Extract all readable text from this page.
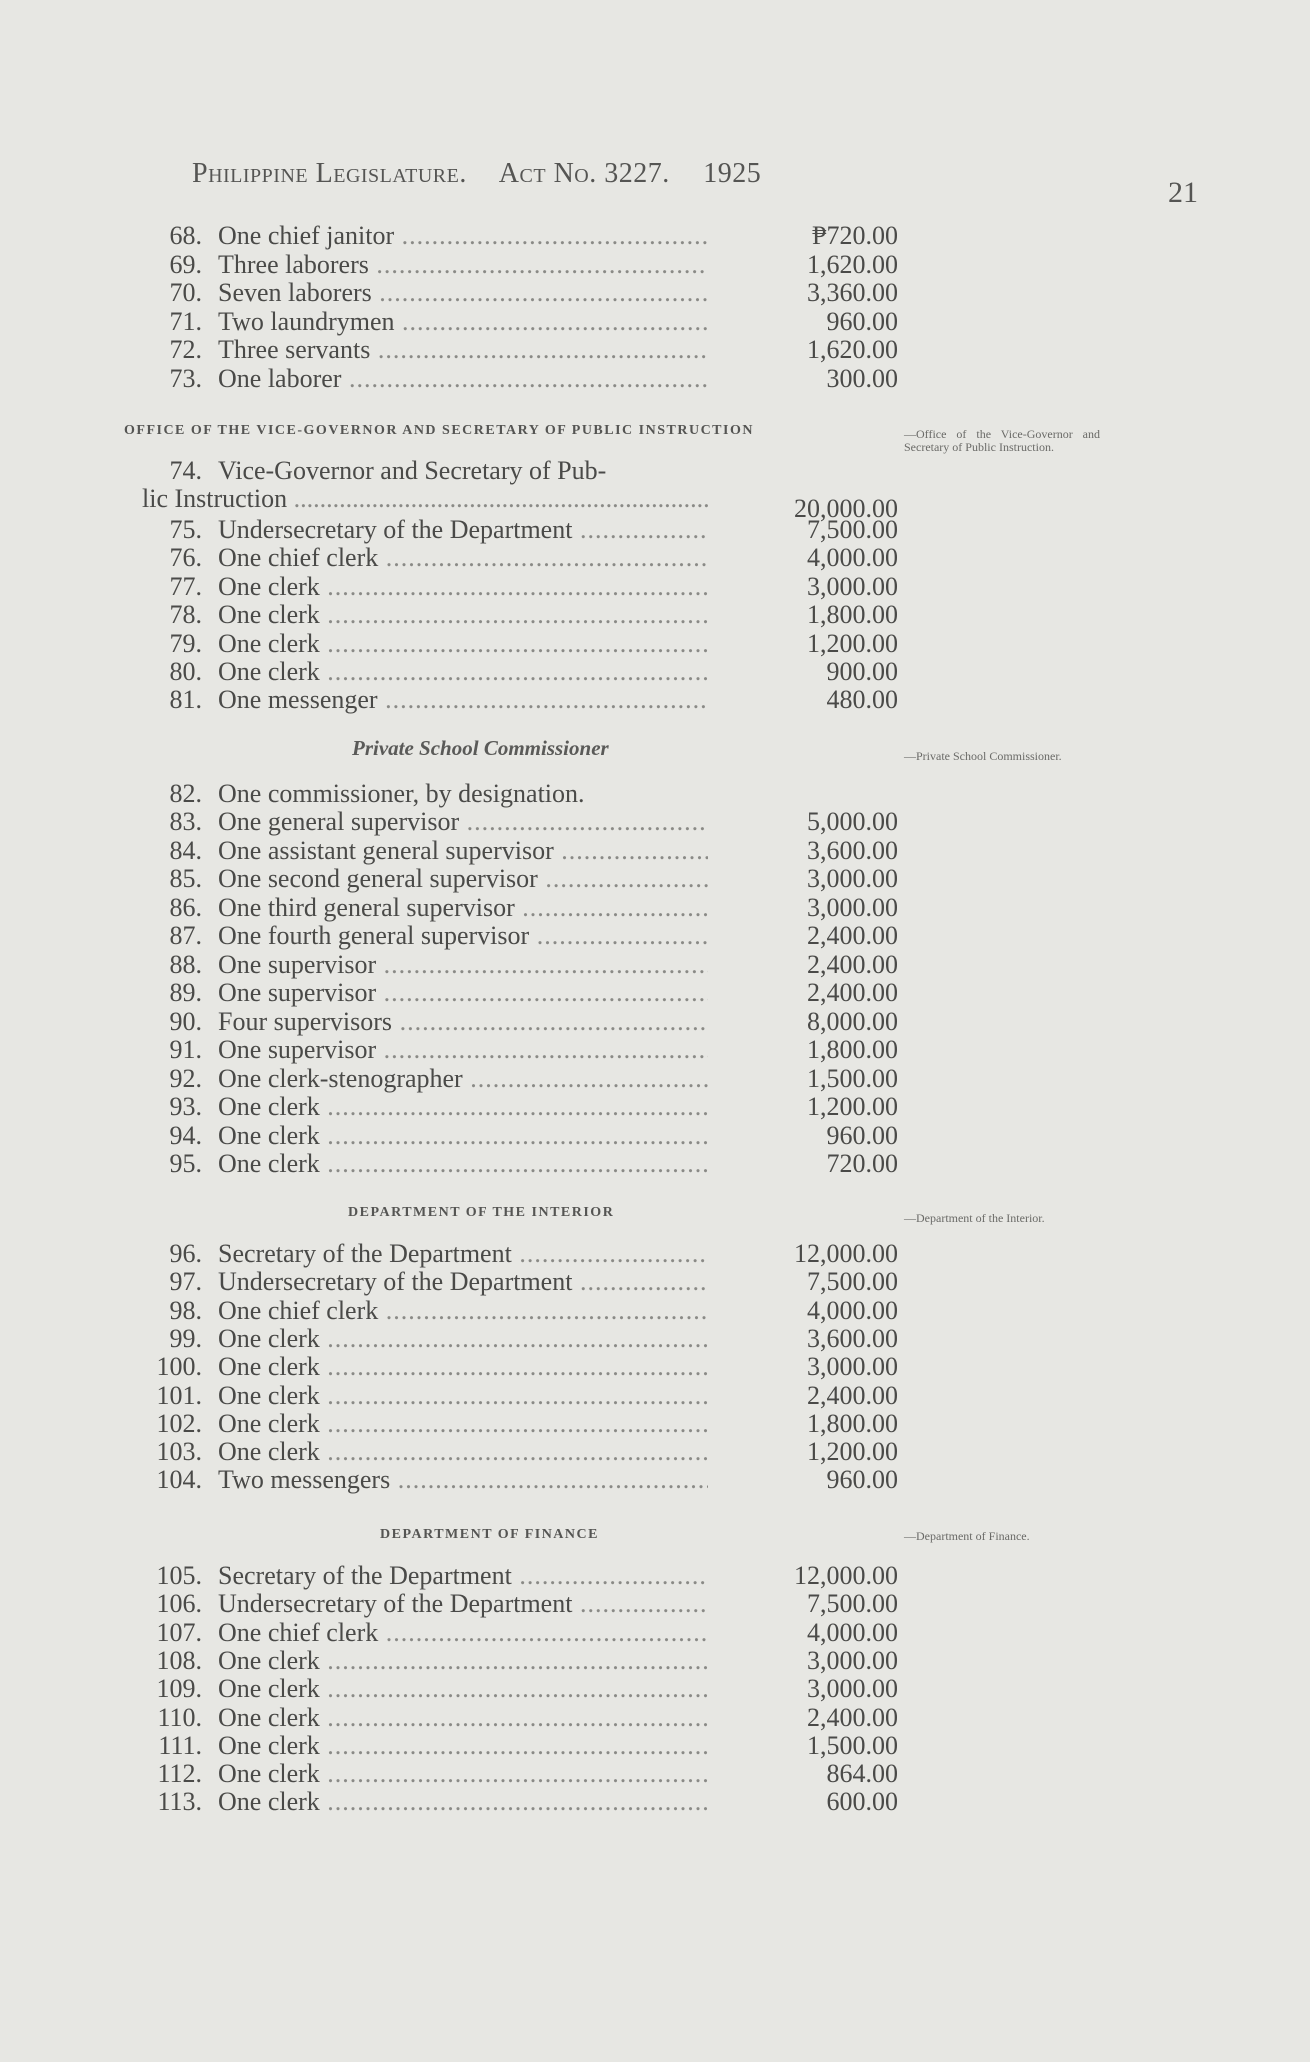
Philippine Legislature. Act No. 3227. 1925
21
68. One chief janitor .....	₱720.00
69. Three laborers .....	1,620.00
70. Seven laborers .....	3,360.00
71. Two laundrymen .....	960.00
72. Three servants .....	1,620.00
73. One laborer .....	300.00
OFFICE OF THE VICE-GOVERNOR AND SECRETARY OF PUBLIC INSTRUCTION	—Office of the Vice-Governor and Secretary of Public Instruction.
74. Vice-Governor and Secretary of Pub-
lic Instruction .....	20,000.00
75. Undersecretary of the Department .....	7,500.00
76. One chief clerk .....	4,000.00
77. One clerk .....	3,000.00
78. One clerk .....	1,800.00
79. One clerk .....	1,200.00
80. One clerk .....	900.00
81. One messenger .....	480.00
Private School Commissioner	—Private School Commissioner.
82. One commissioner, by designation.
83. One general supervisor .....	5,000.00
84. One assistant general supervisor .....	3,600.00
85. One second general supervisor .....	3,000.00
86. One third general supervisor .....	3,000.00
87. One fourth general supervisor .....	2,400.00
88. One supervisor .....	2,400.00
89. One supervisor .....	2,400.00
90. Four supervisors .....	8,000.00
91. One supervisor .....	1,800.00
92. One clerk-stenographer .....	1,500.00
93. One clerk .....	1,200.00
94. One clerk .....	960.00
95. One clerk .....	720.00
DEPARTMENT OF THE INTERIOR	—Department of the Interior.
96. Secretary of the Department .....	12,000.00
97. Undersecretary of the Department .....	7,500.00
98. One chief clerk .....	4,000.00
99. One clerk .....	3,600.00
100. One clerk .....	3,000.00
101. One clerk .....	2,400.00
102. One clerk .....	1,800.00
103. One clerk .....	1,200.00
104. Two messengers .....	960.00
DEPARTMENT OF FINANCE	—Department of Finance.
105. Secretary of the Department .....	12,000.00
106. Undersecretary of the Department .....	7,500.00
107. One chief clerk .....	4,000.00
108. One clerk .....	3,000.00
109. One clerk .....	3,000.00
110. One clerk .....	2,400.00
111. One clerk .....	1,500.00
112. One clerk .....	864.00
113. One clerk .....	600.00
